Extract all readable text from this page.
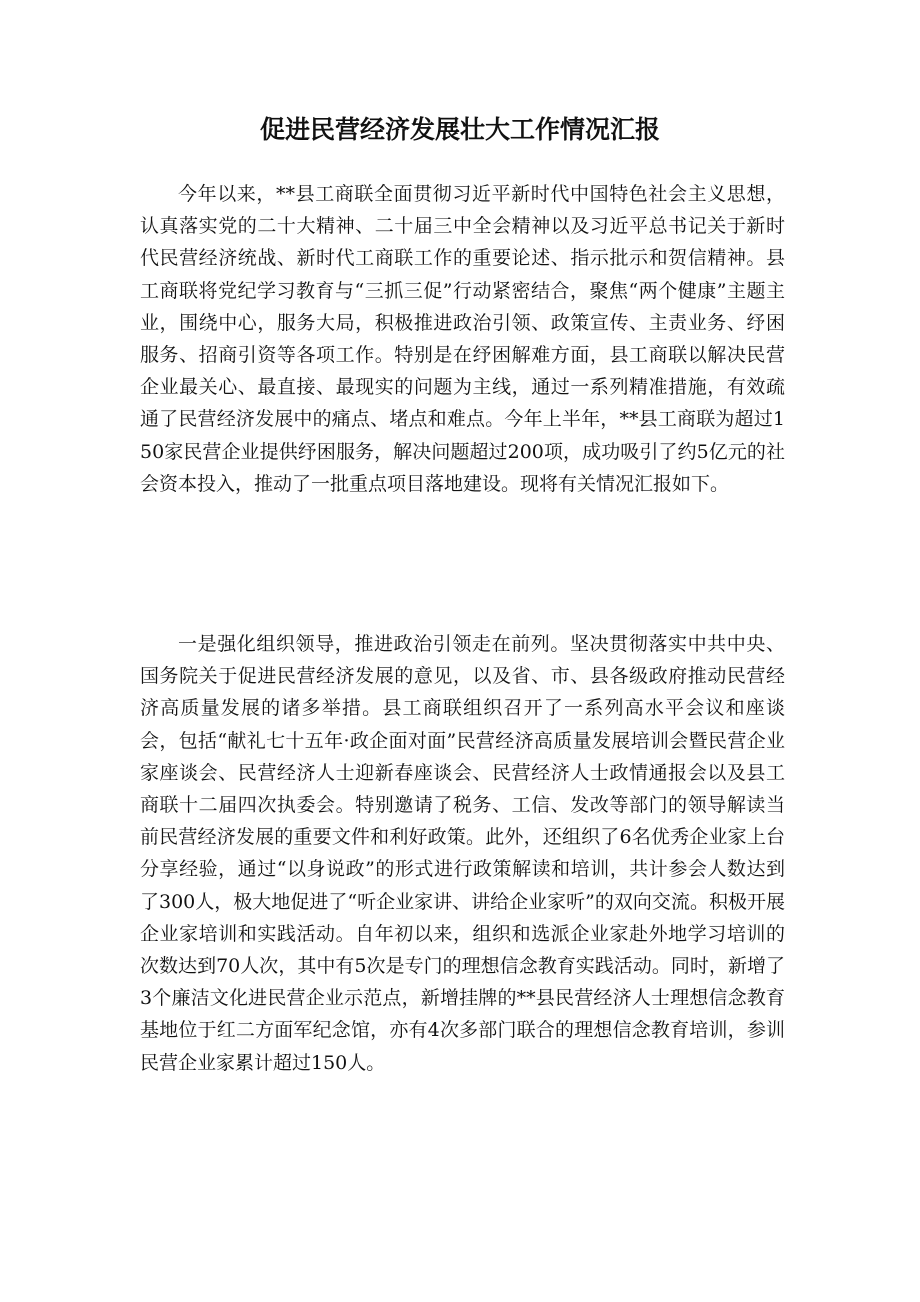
促进民营经济发展壮大工作情况汇报

今年以来，**县工商联全面贯彻习近平新时代中国特色社会主义思想，认真落实党的二十大精神、二十届三中全会精神以及习近平总书记关于新时代民营经济统战、新时代工商联工作的重要论述、指示批示和贺信精神。县工商联将党纪学习教育与“三抓三促”行动紧密结合，聚焦“两个健康”主题主业，围绕中心，服务大局，积极推进政治引领、政策宣传、主责业务、纾困服务、招商引资等各项工作。特别是在纾困解难方面，县工商联以解决民营企业最关心、最直接、最现实的问题为主线，通过一系列精准措施，有效疏通了民营经济发展中的痛点、堵点和难点。今年上半年，**县工商联为超过150家民营企业提供纾困服务，解决问题超过200项，成功吸引了约5亿元的社会资本投入，推动了一批重点项目落地建设。现将有关情况汇报如下。

一是强化组织领导，推进政治引领走在前列。坚决贯彻落实中共中央、国务院关于促进民营经济发展的意见，以及省、市、县各级政府推动民营经济高质量发展的诸多举措。县工商联组织召开了一系列高水平会议和座谈会，包括“献礼七十五年·政企面对面”民营经济高质量发展培训会暨民营企业家座谈会、民营经济人士迎新春座谈会、民营经济人士政情通报会以及县工商联十二届四次执委会。特别邀请了税务、工信、发改等部门的领导解读当前民营经济发展的重要文件和利好政策。此外，还组织了6名优秀企业家上台分享经验，通过“以身说政”的形式进行政策解读和培训，共计参会人数达到了300人，极大地促进了“听企业家讲、讲给企业家听”的双向交流。积极开展企业家培训和实践活动。自年初以来，组织和选派企业家赴外地学习培训的次数达到70人次，其中有5次是专门的理想信念教育实践活动。同时，新增了3个廉洁文化进民营企业示范点，新增挂牌的**县民营经济人士理想信念教育基地位于红二方面军纪念馆，亦有4次多部门联合的理想信念教育培训，参训民营企业家累计超过150人。
